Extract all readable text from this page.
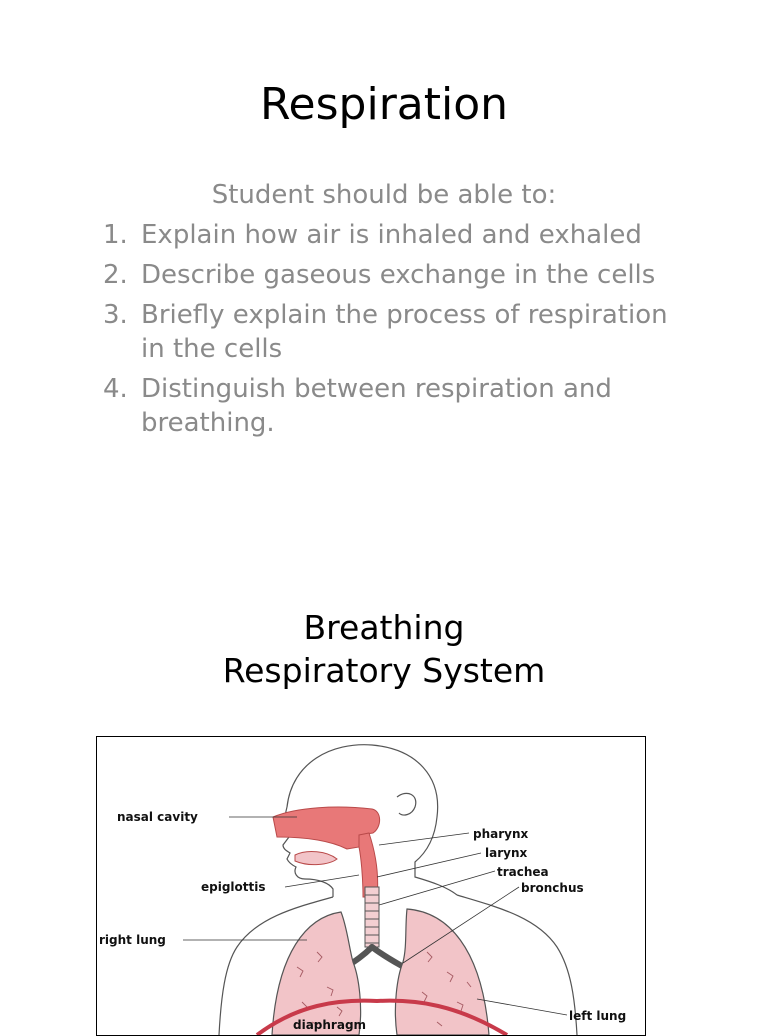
Respiration
Student should be able to:
1. Explain how air is inhaled and exhaled
2. Describe gaseous exchange in the cells
3. Briefly explain the process of respiration in the cells
4. Distinguish between respiration and breathing.
Breathing
Respiratory System
nasal cavity
pharynx
larynx
trachea
bronchus
epiglottis
right lung
left lung
diaphragm
